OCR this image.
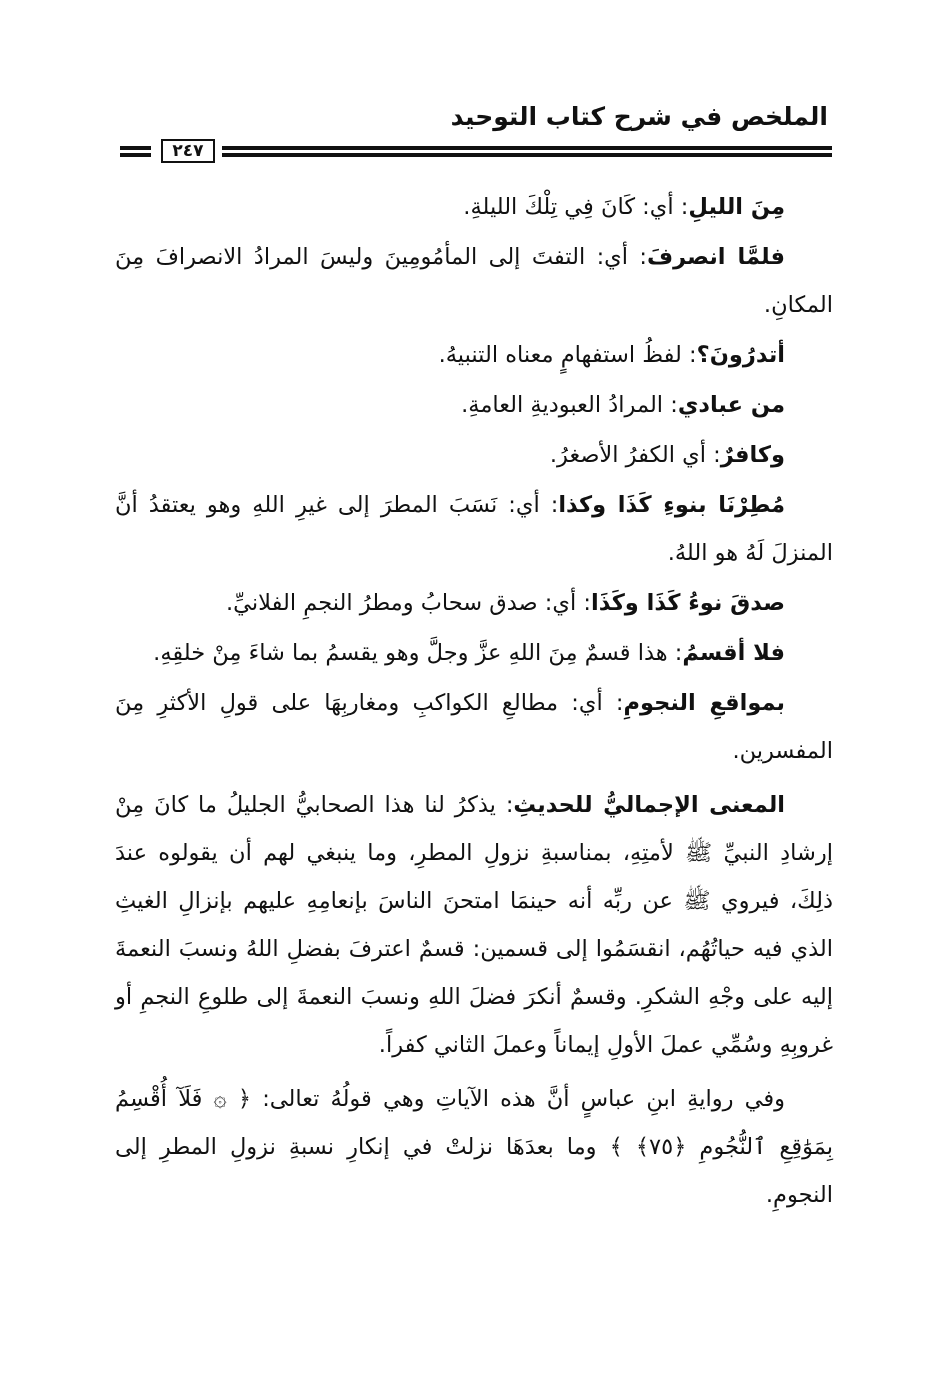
الملخص في شرح كتاب التوحيد
٢٤٧

مِنَ الليلِ: أي: كَانَ فِي تِلْكَ الليلةِ.

فلمَّا انصرفَ: أي: التفتَ إلى المأمُومِينَ وليسَ المرادُ الانصرافَ مِنَ المكانِ.

أتدرُونَ؟: لفظُ استفهامٍ معناه التنبيهُ.

من عبادي: المرادُ العبوديةِ العامةِ.

وكافرٌ: أي الكفرُ الأصغرُ.

مُطِرْنَا بنوءِ كَذَا وكذا: أي: نَسَبَ المطرَ إلى غيرِ اللهِ وهو يعتقدُ أنَّ المنزلَ لَهُ هو اللهُ.

صدقَ نوءُ كَذَا وكَذَا: أي: صدق سحابُ ومطرُ النجمِ الفلانيِّ.

فلا أقسمُ: هذا قسمٌ مِنَ اللهِ عزَّ وجلَّ وهو يقسمُ بما شاءَ مِنْ خلقِهِ.

بمواقعِ النجومِ: أي: مطالعِ الكواكبِ ومغاربِهَا على قولِ الأكثرِ مِنَ المفسرين.

المعنى الإجماليُّ للحديثِ: يذكرُ لنا هذا الصحابيُّ الجليلُ ما كانَ مِنْ إرشادِ النبيِّ ﷺ لأمتِهِ، بمناسبةِ نزولِ المطرِ، وما ينبغي لهم أن يقولوه عندَ ذلِكَ، فيروي ﷺ عن ربِّه أنه حينمَا امتحنَ الناسَ بإنعامِهِ عليهم بإنزالِ الغيثِ الذي فيه حياتُهُم، انقسَمُوا إلى قسمين: قسمٌ اعترفَ بفضلِ اللهُ ونسبَ النعمةَ إليه على وجْهِ الشكرِ. وقسمٌ أنكرَ فضلَ اللهِ ونسبَ النعمةَ إلى طلوعِ النجمِ أو غروبِهِ وسُمِّي عملَ الأولِ إيماناً وعملَ الثاني كفراً.

وفي روايةِ ابنِ عباسٍ أنَّ هذه الآياتِ وهي قولُهُ تعالى: ﴿ ۞ فَلَآ أُقْسِمُ بِمَوَٰقِعِ ٱلنُّجُومِ ﴿٧٥﴾ ﴾ وما بعدَهَا نزلتْ في إنكارِ نسبةِ نزولِ المطرِ إلى النجومِ.
